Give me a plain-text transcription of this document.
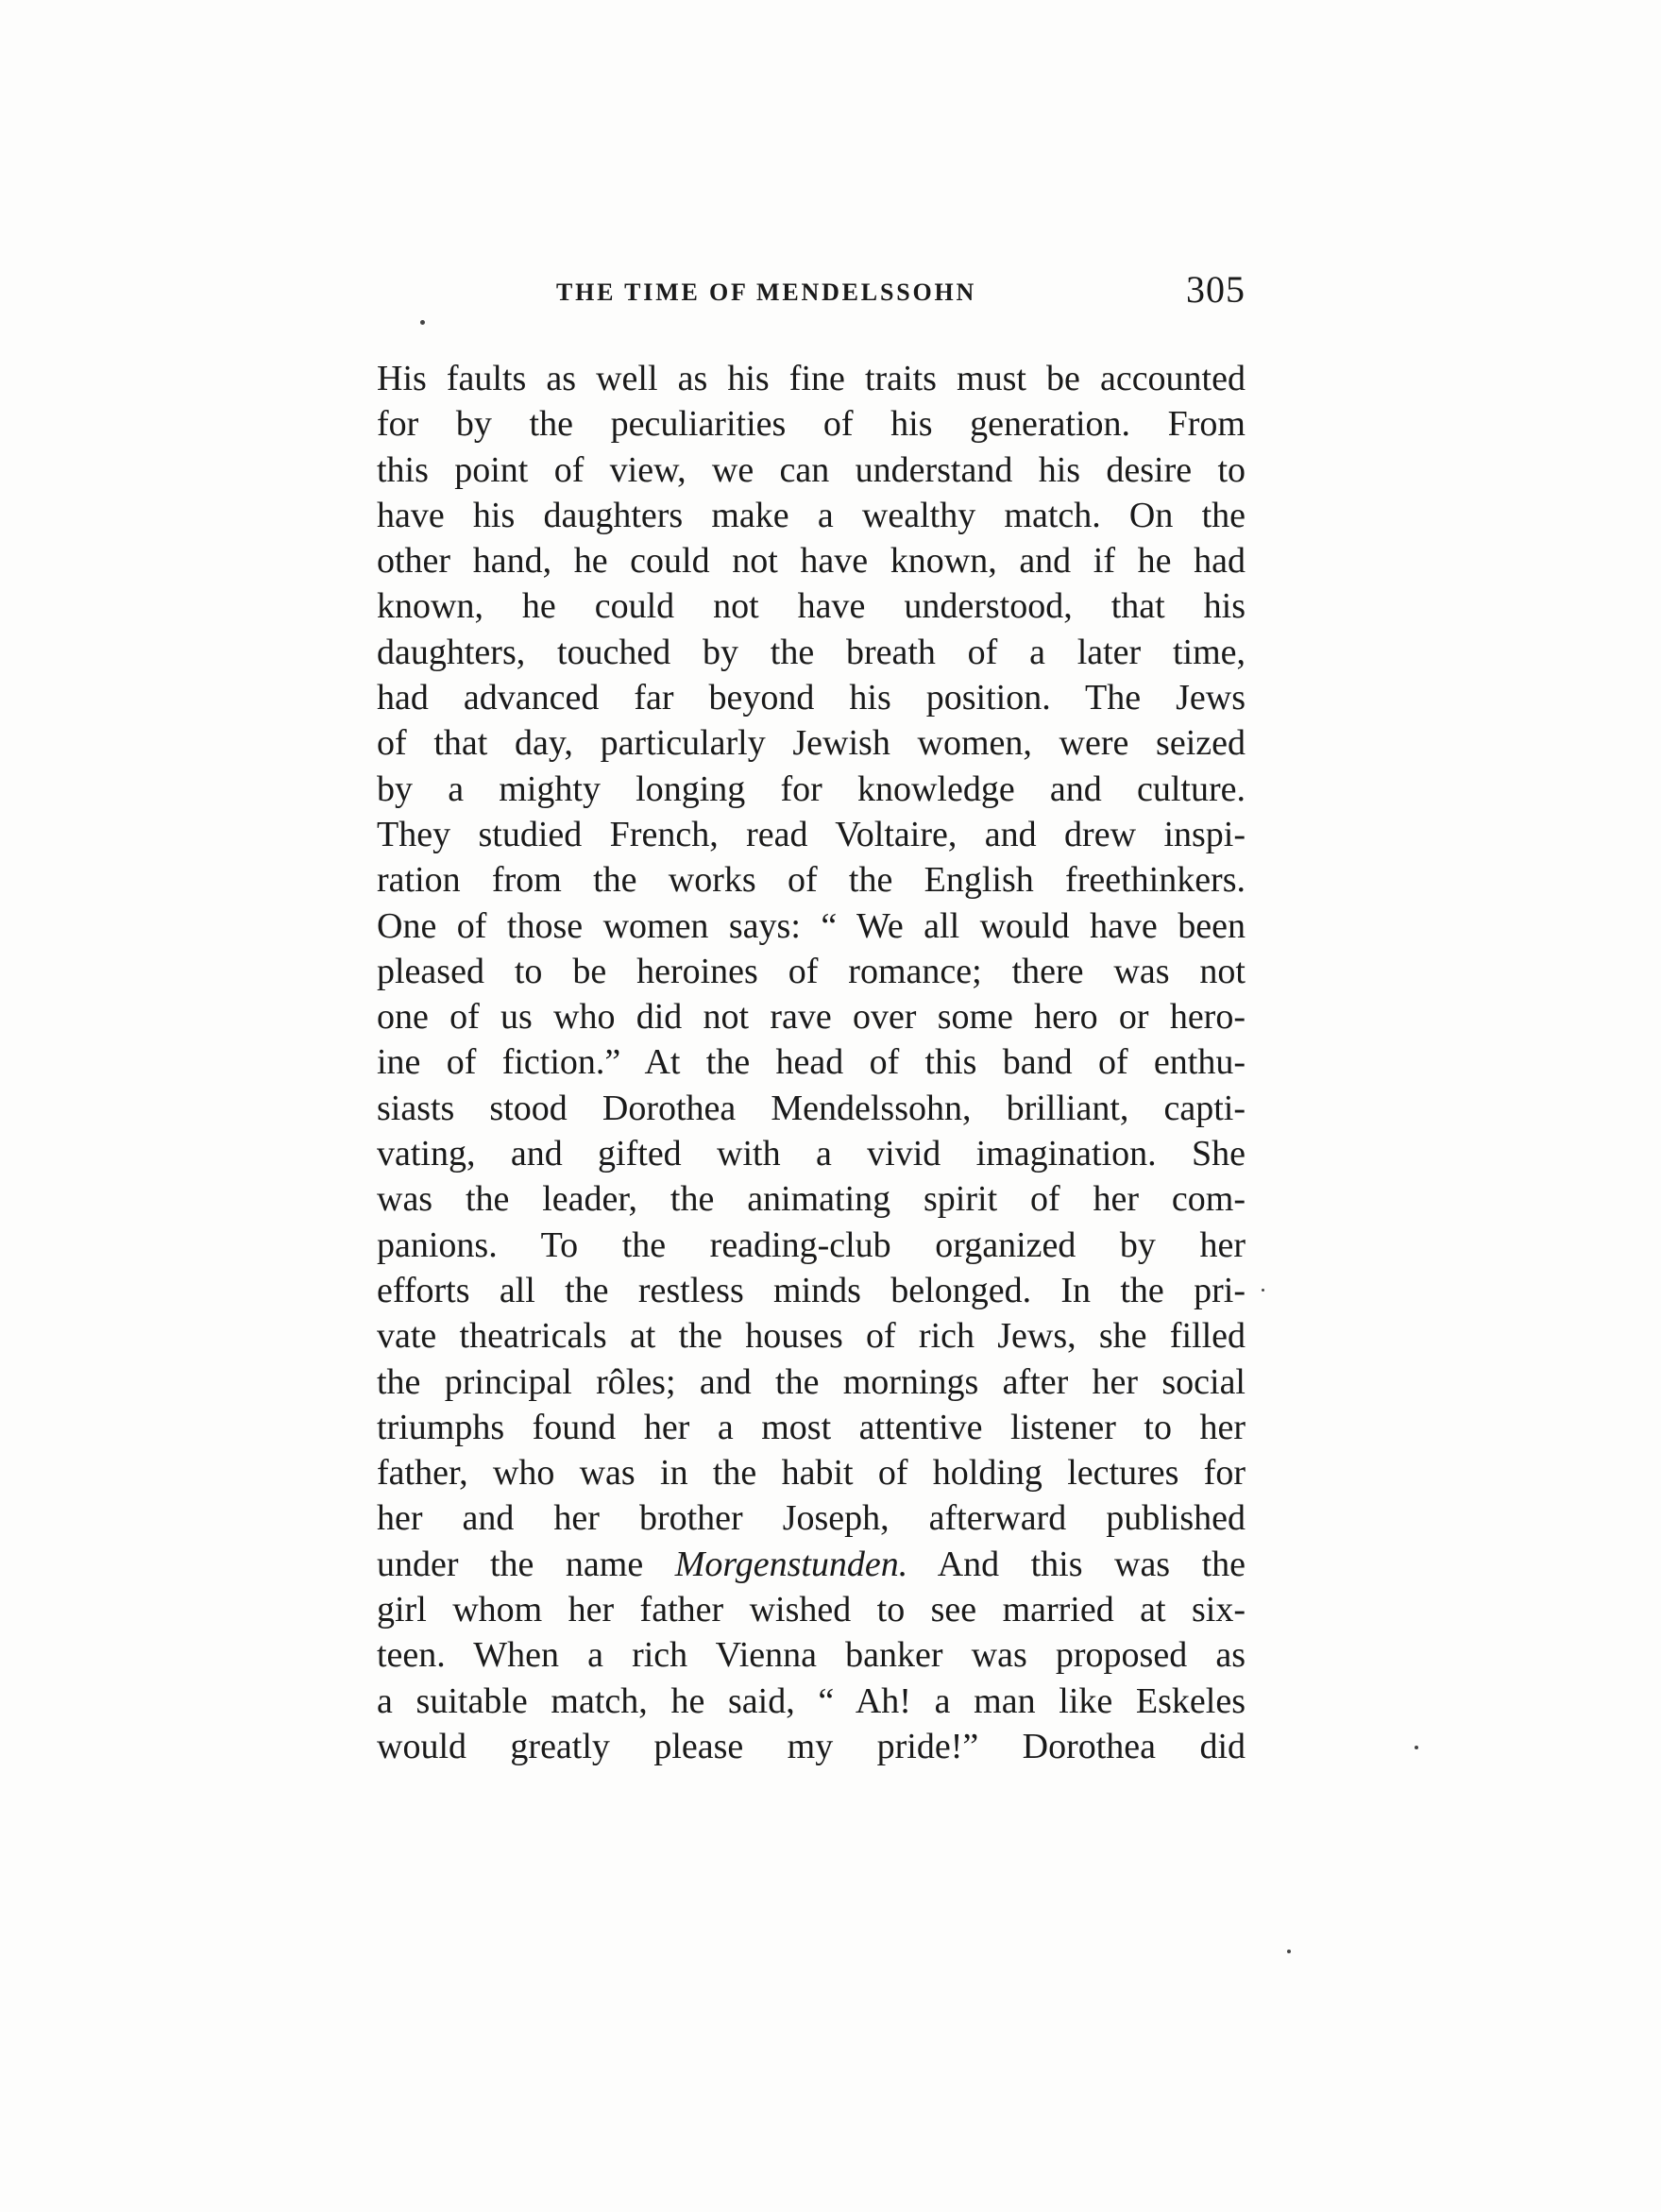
THE TIME OF MENDELSSOHN	305
His faults as well as his fine traits must be accounted
for by the peculiarities of his generation. From
this point of view, we can understand his desire to
have his daughters make a wealthy match. On the
other hand, he could not have known, and if he had
known, he could not have understood, that his
daughters, touched by the breath of a later time,
had advanced far beyond his position. The Jews
of that day, particularly Jewish women, were seized
by a mighty longing for knowledge and culture.
They studied French, read Voltaire, and drew inspi-
ration from the works of the English freethinkers.
One of those women says: “ We all would have been
pleased to be heroines of romance; there was not
one of us who did not rave over some hero or hero-
ine of fiction.” At the head of this band of enthu-
siasts stood Dorothea Mendelssohn, brilliant, capti-
vating, and gifted with a vivid imagination. She
was the leader, the animating spirit of her com-
panions. To the reading-club organized by her
efforts all the restless minds belonged. In the pri-
vate theatricals at the houses of rich Jews, she filled
the principal rôles; and the mornings after her social
triumphs found her a most attentive listener to her
father, who was in the habit of holding lectures for
her and her brother Joseph, afterward published
under the name Morgenstunden. And this was the
girl whom her father wished to see married at six-
teen. When a rich Vienna banker was proposed as
a suitable match, he said, “ Ah! a man like Eskeles
would greatly please my pride!” Dorothea did
